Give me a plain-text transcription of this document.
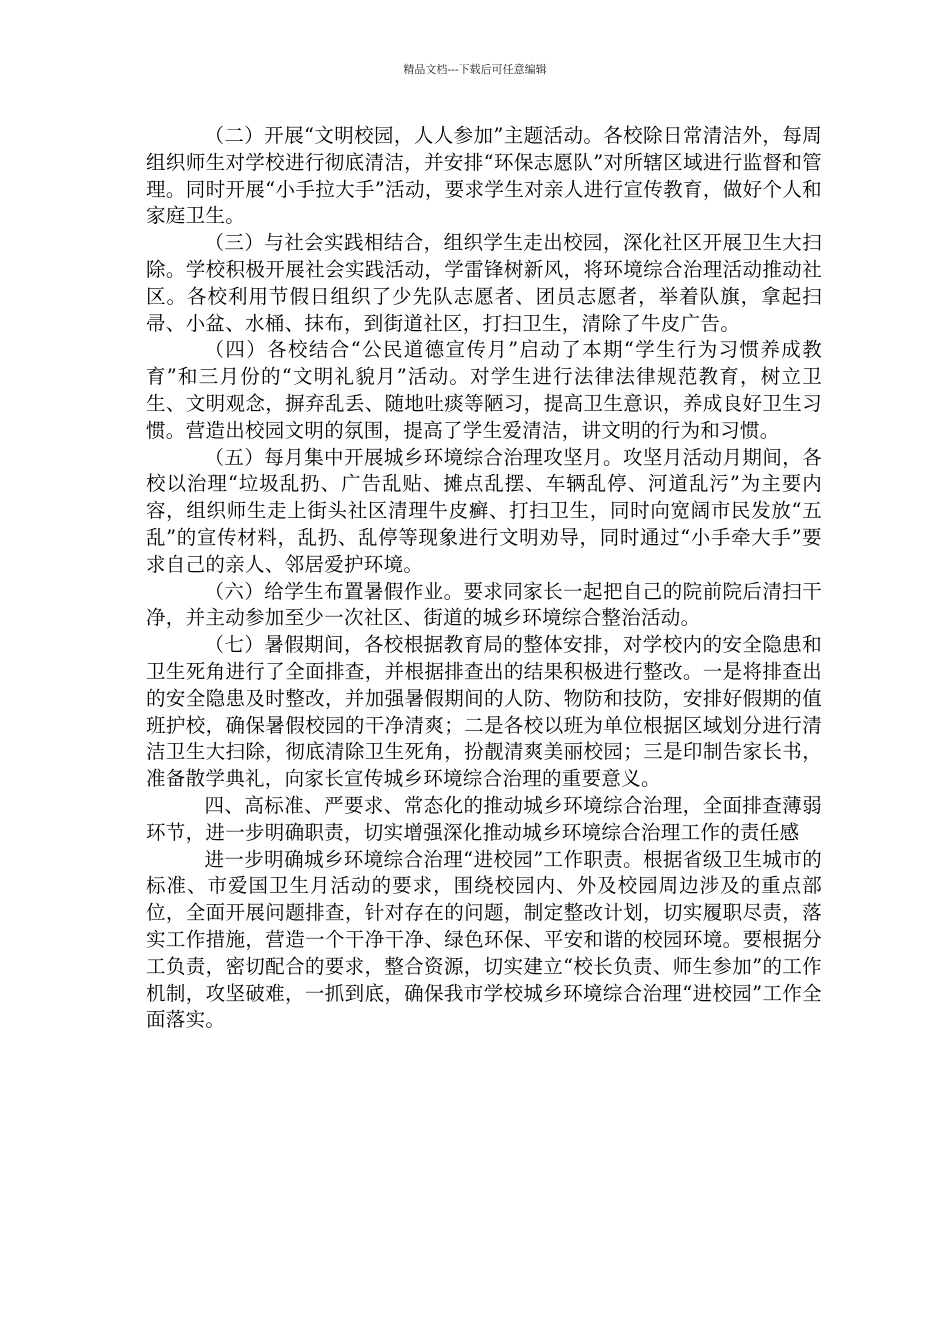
精品文档---下载后可任意编辑

（二）开展“文明校园，人人参加”主题活动。各校除日常清洁外，每周组织师生对学校进行彻底清洁，并安排“环保志愿队”对所辖区域进行监督和管理。同时开展“小手拉大手”活动，要求学生对亲人进行宣传教育，做好个人和家庭卫生。

（三）与社会实践相结合，组织学生走出校园，深化社区开展卫生大扫除。学校积极开展社会实践活动，学雷锋树新风，将环境综合治理活动推动社区。各校利用节假日组织了少先队志愿者、团员志愿者，举着队旗，拿起扫帚、小盆、水桶、抹布，到街道社区，打扫卫生，清除了牛皮广告。

（四）各校结合“公民道德宣传月”启动了本期“学生行为习惯养成教育”和三月份的“文明礼貌月”活动。对学生进行法律法律规范教育，树立卫生、文明观念，摒弃乱丢、随地吐痰等陋习，提高卫生意识，养成良好卫生习惯。营造出校园文明的氛围，提高了学生爱清洁，讲文明的行为和习惯。

（五）每月集中开展城乡环境综合治理攻坚月。攻坚月活动月期间，各校以治理“垃圾乱扔、广告乱贴、摊点乱摆、车辆乱停、河道乱污”为主要内容，组织师生走上街头社区清理牛皮癣、打扫卫生，同时向宽阔市民发放“五乱”的宣传材料，乱扔、乱停等现象进行文明劝导，同时通过“小手牵大手”要求自己的亲人、邻居爱护环境。

（六）给学生布置暑假作业。要求同家长一起把自己的院前院后清扫干净，并主动参加至少一次社区、街道的城乡环境综合整治活动。

（七）暑假期间，各校根据教育局的整体安排，对学校内的安全隐患和卫生死角进行了全面排查，并根据排查出的结果积极进行整改。一是将排查出的安全隐患及时整改，并加强暑假期间的人防、物防和技防，安排好假期的值班护校，确保暑假校园的干净清爽；二是各校以班为单位根据区域划分进行清洁卫生大扫除，彻底清除卫生死角，扮靓清爽美丽校园；三是印制告家长书，准备散学典礼，向家长宣传城乡环境综合治理的重要意义。

四、高标准、严要求、常态化的推动城乡环境综合治理，全面排查薄弱环节，进一步明确职责，切实增强深化推动城乡环境综合治理工作的责任感

进一步明确城乡环境综合治理“进校园”工作职责。根据省级卫生城市的标准、市爱国卫生月活动的要求，围绕校园内、外及校园周边涉及的重点部位，全面开展问题排查，针对存在的问题，制定整改计划，切实履职尽责，落实工作措施，营造一个干净干净、绿色环保、平安和谐的校园环境。要根据分工负责，密切配合的要求，整合资源，切实建立“校长负责、师生参加”的工作机制，攻坚破难，一抓到底，确保我市学校城乡环境综合治理“进校园”工作全面落实。
